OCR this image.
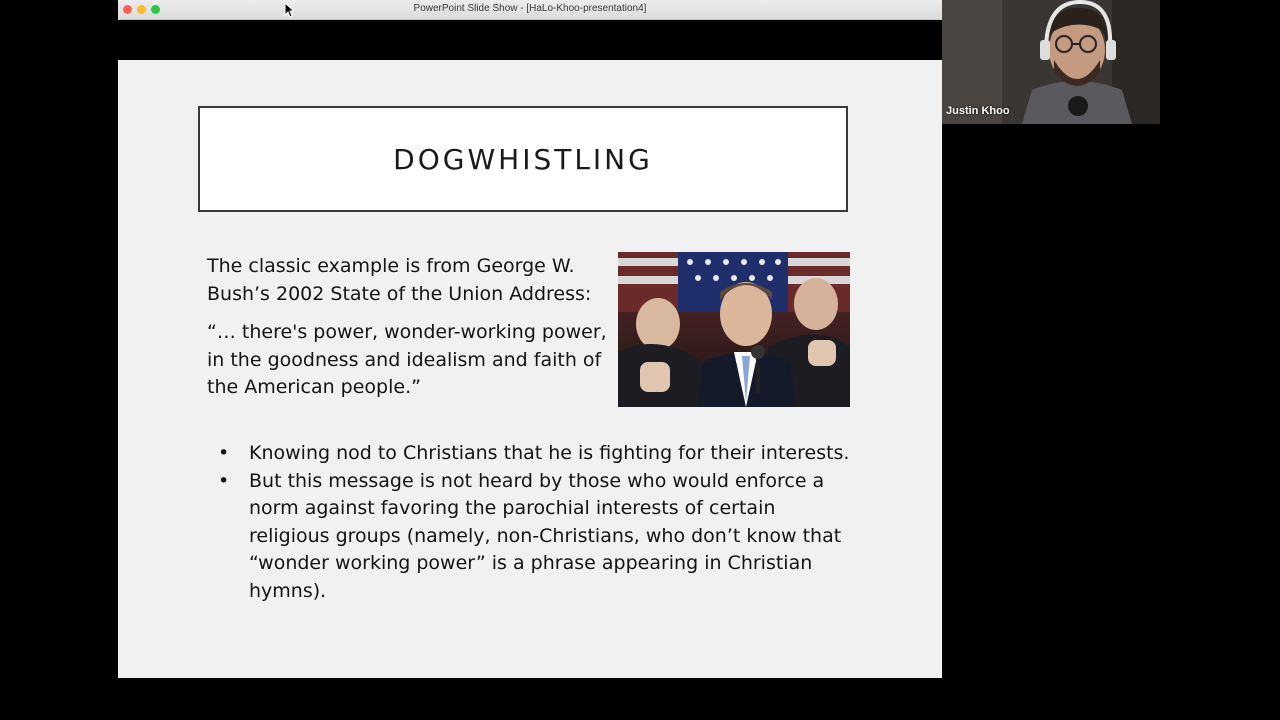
PowerPoint Slide Show - [HaLo-Khoo-presentation4]
DOGWHISTLING

The classic example is from George W. Bush’s 2002 State of the Union Address:

“… there's power, wonder-working power, in the goodness and idealism and faith of the American people.”

• Knowing nod to Christians that he is fighting for their interests.
• But this message is not heard by those who would enforce a norm against favoring the parochial interests of certain religious groups (namely, non-Christians, who don’t know that “wonder working power” is a phrase appearing in Christian hymns).
Justin Khoo
